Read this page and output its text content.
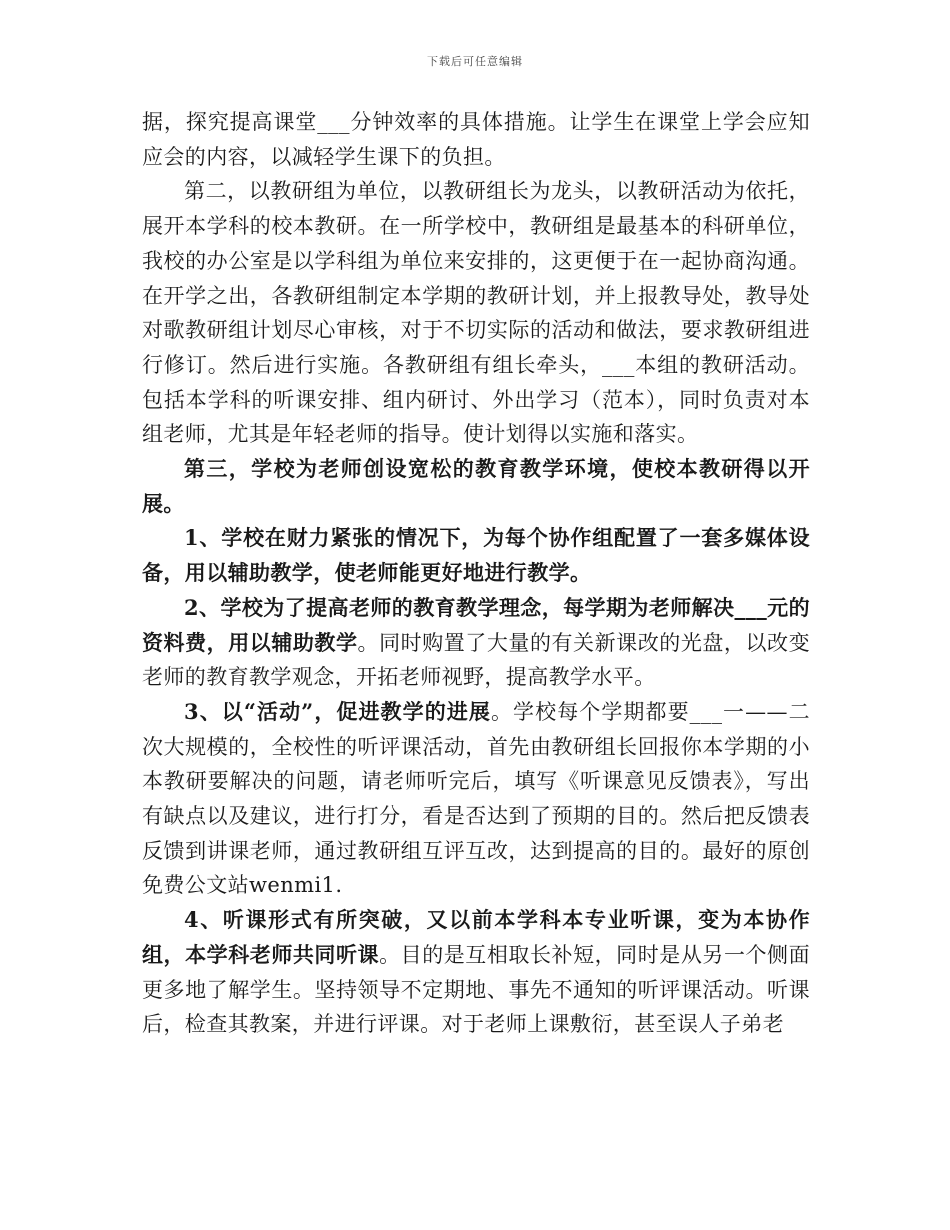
下载后可任意编辑

据，探究提高课堂___分钟效率的具体措施。让学生在课堂上学会应知应会的内容，以减轻学生课下的负担。

第二，以教研组为单位，以教研组长为龙头，以教研活动为依托，展开本学科的校本教研。在一所学校中，教研组是最基本的科研单位，我校的办公室是以学科组为单位来安排的，这更便于在一起协商沟通。在开学之出，各教研组制定本学期的教研计划，并上报教导处，教导处对歌教研组计划尽心审核，对于不切实际的活动和做法，要求教研组进行修订。然后进行实施。各教研组有组长牵头，___本组的教研活动。包括本学科的听课安排、组内研讨、外出学习（范本），同时负责对本组老师，尤其是年轻老师的指导。使计划得以实施和落实。

第三，学校为老师创设宽松的教育教学环境，使校本教研得以开展。

1、学校在财力紧张的情况下，为每个协作组配置了一套多媒体设备，用以辅助教学，使老师能更好地进行教学。

2、学校为了提高老师的教育教学理念，每学期为老师解决___元的资料费，用以辅助教学。同时购置了大量的有关新课改的光盘，以改变老师的教育教学观念，开拓老师视野，提高教学水平。

3、以“活动”，促进教学的进展。学校每个学期都要___一——二次大规模的，全校性的听评课活动，首先由教研组长回报你本学期的小本教研要解决的问题，请老师听完后，填写《听课意见反馈表》，写出有缺点以及建议，进行打分，看是否达到了预期的目的。然后把反馈表反馈到讲课老师，通过教研组互评互改，达到提高的目的。最好的原创免费公文站wenmi1.

4、听课形式有所突破，又以前本学科本专业听课，变为本协作组，本学科老师共同听课。目的是互相取长补短，同时是从另一个侧面更多地了解学生。坚持领导不定期地、事先不通知的听评课活动。听课后，检查其教案，并进行评课。对于老师上课敷衍，甚至误人子弟老
